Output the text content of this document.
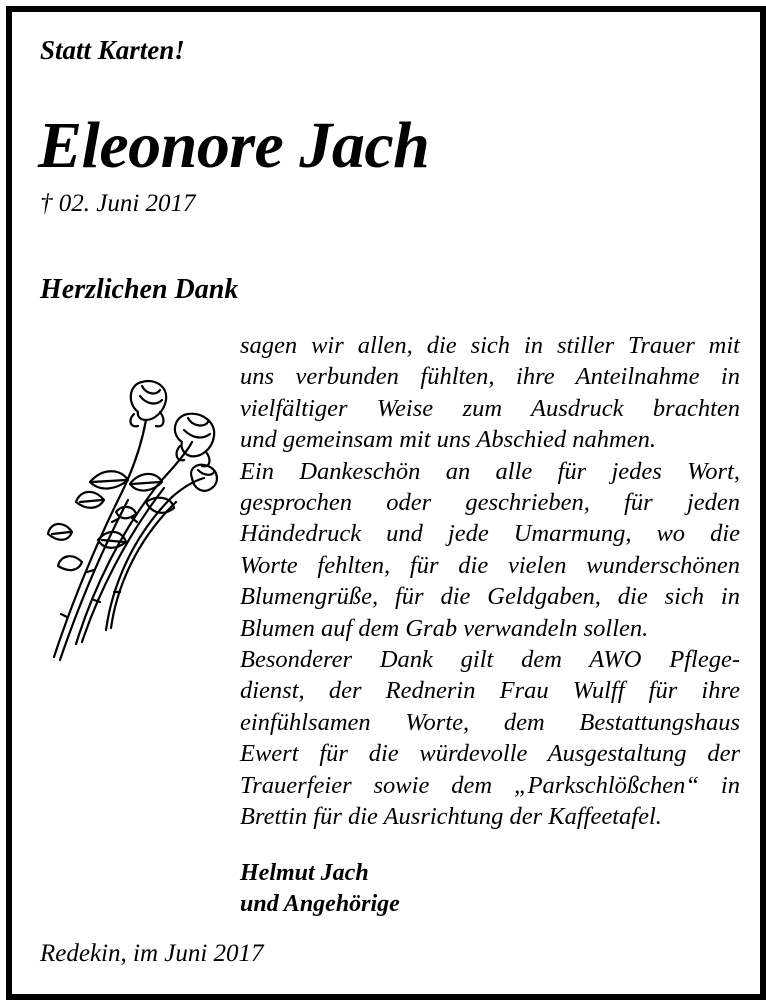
Statt Karten!
Eleonore Jach
† 02. Juni 2017
Herzlichen Dank
sagen wir allen, die sich in stiller Trauer mit
uns verbunden fühlten, ihre Anteilnahme in
vielfältiger Weise zum Ausdruck brachten
und gemeinsam mit uns Abschied nahmen.
Ein Dankeschön an alle für jedes Wort,
gesprochen oder geschrieben, für jeden
Händedruck und jede Umarmung, wo die
Worte fehlten, für die vielen wunderschönen
Blumengrüße, für die Geldgaben, die sich in
Blumen auf dem Grab verwandeln sollen.
Besonderer Dank gilt dem AWO Pflege-
dienst, der Rednerin Frau Wulff für ihre
einfühlsamen Worte, dem Bestattungshaus
Ewert für die würdevolle Ausgestaltung der
Trauerfeier sowie dem „Parkschlößchen“ in
Brettin für die Ausrichtung der Kaffeetafel.
Helmut Jach
und Angehörige
Redekin, im Juni 2017
